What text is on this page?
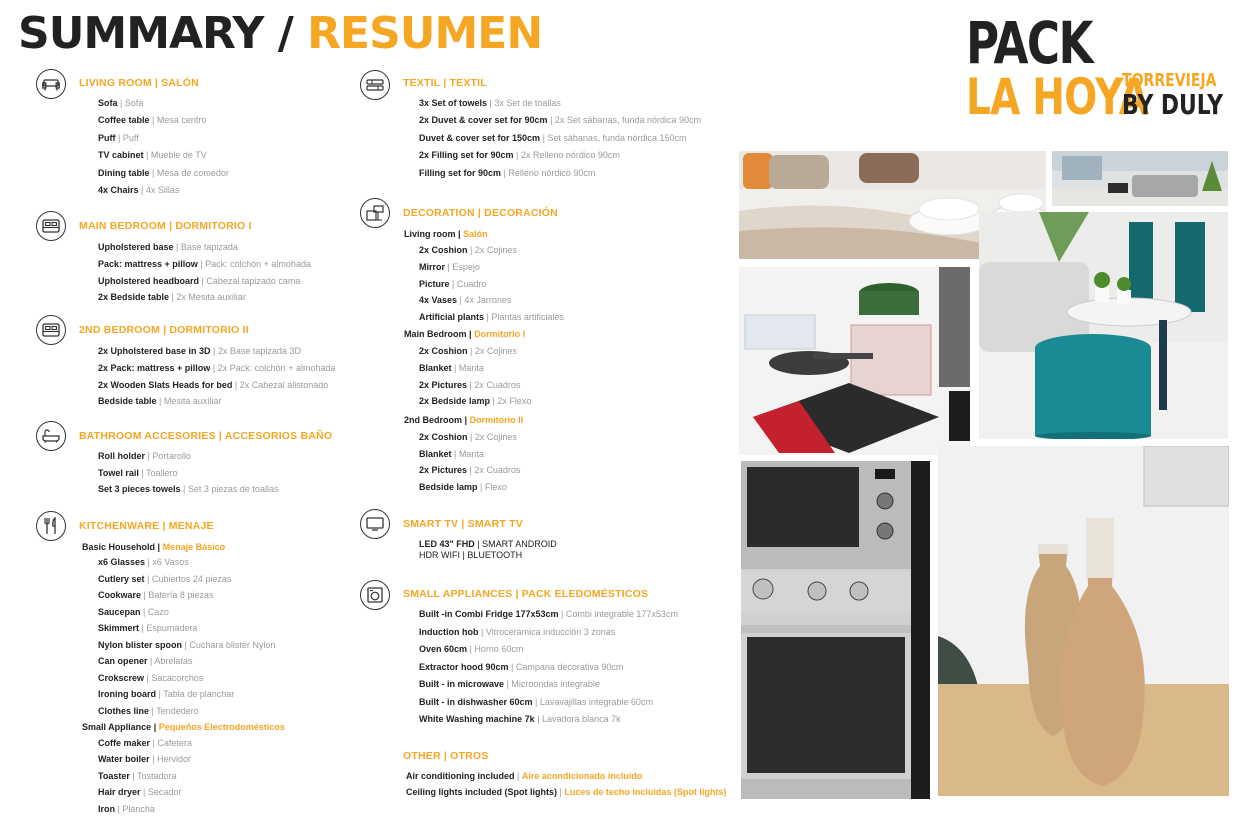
SUMMARY / RESUMEN	PACK
LA HOYA
TORREVIEJA
BY DULY
LIVING ROOM | SALÓN
Sofa | Sofá
Coffee table | Mesa centro
Puff | Puff
TV cabinet | Mueble de TV
Dining table | Mesa de comedor
4x Chairs | 4x Sillas
MAIN BEDROOM | DORMITORIO I
Upholstered base | Base tapizada
Pack: mattress + pillow | Pack: colchón + almohada
Upholstered headboard | Cabezal tapizado cama
2x Bedside table | 2x Mesita auxiliar
2ND BEDROOM | DORMITORIO II
2x Upholstered base in 3D | 2x Base tapizada 3D
2x Pack: mattress + pillow | 2x Pack: colchón + almohada
2x Wooden Slats Heads for bed | 2x Cabezal alistonado
Bedside table | Mesita auxiliar
BATHROOM ACCESORIES | ACCESORIOS BAÑO
Roll holder | Portarollo
Towel rail | Toallero
Set 3 pieces towels | Set 3 piezas de toallas
KITCHENWARE | MENAJE
Basic Household | Menaje Básico
x6 Glasses | x6 Vasos
Cutlery set | Cubiertos 24 piezas
Cookware | Batería 8 piezas
Saucepan | Cazo
Skimmert | Espumadera
Nylon blister spoon | Cuchara blister Nylon
Can opener | Abrelatas
Crokscrew | Sacacorchos
Ironing board | Tabla de planchar
Clothes line | Tendedero
Small Appliance | Pequeños Electrodomésticos
Coffe maker | Cafetera
Water boiler | Hervidor
Toaster | Tostadora
Hair dryer | Secador
Iron | Plancha
TEXTIL | TEXTIL
3x Set of towels | 3x Set de toallas
2x Duvet & cover set for 90cm | 2x Set sábanas, funda nórdica 90cm
Duvet & cover set for 150cm | Set sábanas, funda nórdica 150cm
2x Filling set for 90cm | 2x Relleno nórdico 90cm
Filling set for 90cm | Relleno nórdico 90cm
DECORATION | DECORACIÓN
Living room | Salón
2x Coshion | 2x Cojines
Mirror | Espejo
Picture | Cuadro
4x Vases | 4x Jarrones
Artificial plants | Plantas artificiales
Main Bedroom | Dormitorio I
2x Coshion | 2x Cojines
Blanket | Manta
2x Pictures | 2x Cuadros
2x Bedside lamp | 2x Flexo
2nd Bedroom | Dormitorio II
2x Coshion | 2x Cojines
Blanket | Manta
2x Pictures | 2x Cuadros
Bedside lamp | Flexo
SMART TV | SMART TV
LED 43" FHD | SMART ANDROID
HDR WIFI | BLUETOOTH
SMALL APPLIANCES | PACK ELEDOMÉSTICOS
Built -in Combi Fridge 177x53cm | Combi integrable 177x53cm
Induction hob | Vitrocerámica inducción 3 zonas
Oven 60cm | Horno 60cm
Extractor hood 90cm | Campana decorativa 90cm
Built - in microwave | Microondas integrable
Built - in dishwasher 60cm | Lavavajillas integrable 60cm
White Washing machine 7k | Lavadora blanca 7k
OTHER | OTROS
Air conditioning included | Aire acondicionado incluido
Ceiling lights included (Spot lights) | Luces de techo incluidas (Spot lights)
